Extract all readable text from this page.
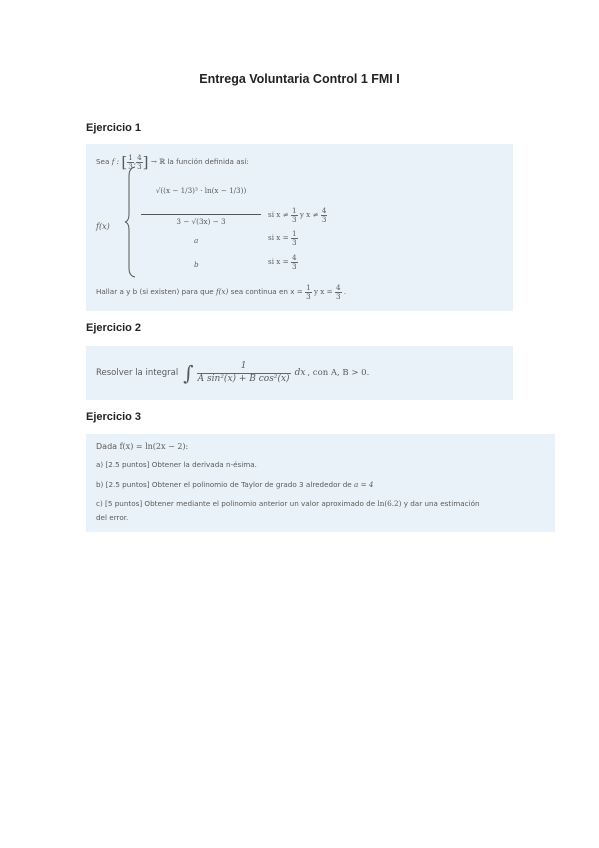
Entrega Voluntaria Control 1 FMI I
Ejercicio 1
Sea f : [ $\frac{1}{3}$ , $\frac{4}{3}$ ] → ℝ la función definida así:
f(x)
√((x − 1/3)³ · ln(x − 1/3))
3 − √(3x) − 3
si $x \ne \frac{1}{3}$ y $x \ne \frac{4}{3}$
a	si $x = \frac{1}{3}$
b	si $x = \frac{4}{3}$
Hallar a y b (si existen) para que f(x) sea continua en $x = \frac{1}{3}$ y $x = \frac{4}{3}$ .
Ejercicio 2
Resolver la integral ∫ $\frac{1}{\text{A sin²(x) + B cos²(x)}}$ dx , con A, B > 0.
Ejercicio 3
Dada f(x) = ln(2x − 2):
a) [2.5 puntos] Obtener la derivada n-ésima.
b) [2.5 puntos] Obtener el polinomio de Taylor de grado 3 alrededor de a = 4
c) [5 puntos] Obtener mediante el polinomio anterior un valor aproximado de ln(6.2) y dar una estimación
del error.
